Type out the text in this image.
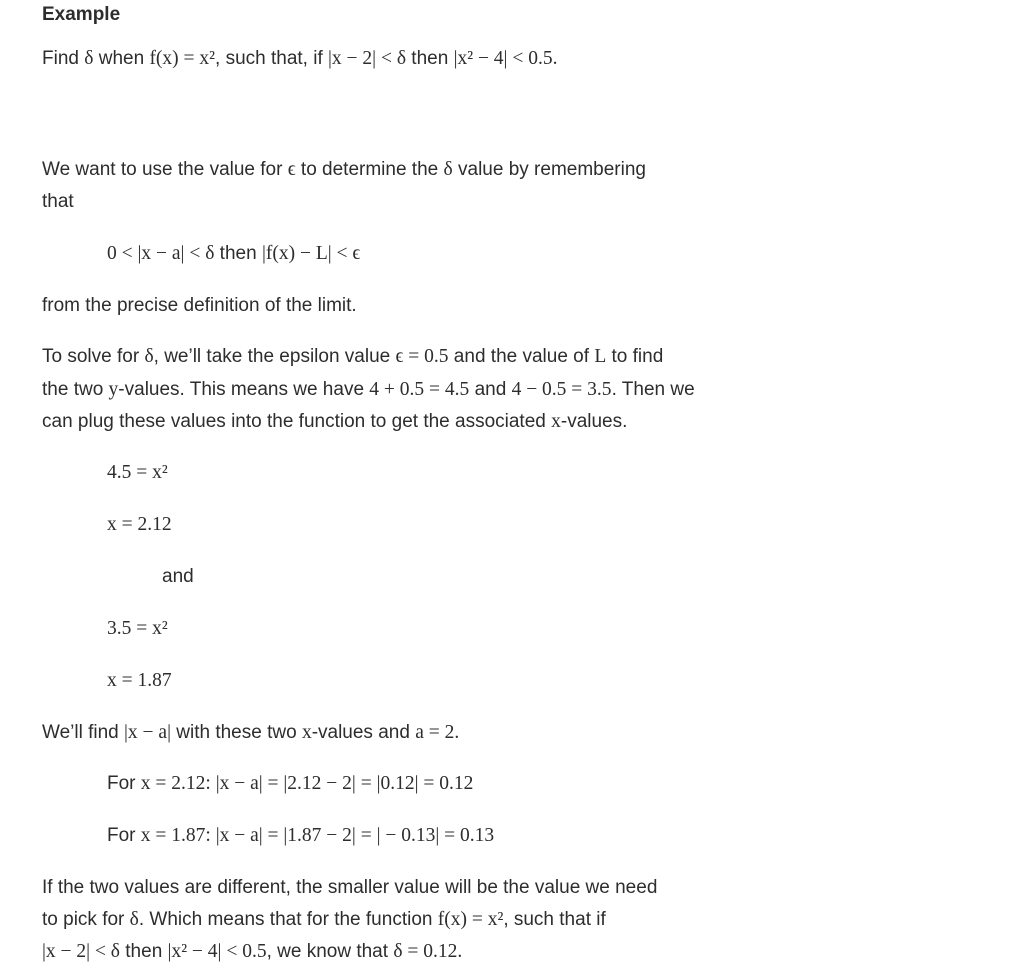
Example
Find δ when f(x) = x², such that, if |x − 2| < δ then |x² − 4| < 0.5.
We want to use the value for ϵ to determine the δ value by remembering
that
0 < |x − a| < δ then |f(x) − L| < ϵ
from the precise definition of the limit.
To solve for δ, we’ll take the epsilon value ϵ = 0.5 and the value of L to find
the two y-values. This means we have 4 + 0.5 = 4.5 and 4 − 0.5 = 3.5. Then we
can plug these values into the function to get the associated x-values.
4.5 = x²
x = 2.12
and
3.5 = x²
x = 1.87
We’ll find |x − a| with these two x-values and a = 2.
For x = 2.12: |x − a| = |2.12 − 2| = |0.12| = 0.12
For x = 1.87: |x − a| = |1.87 − 2| = | − 0.13| = 0.13
If the two values are different, the smaller value will be the value we need
to pick for δ. Which means that for the function f(x) = x², such that if
|x − 2| < δ then |x² − 4| < 0.5, we know that δ = 0.12.
